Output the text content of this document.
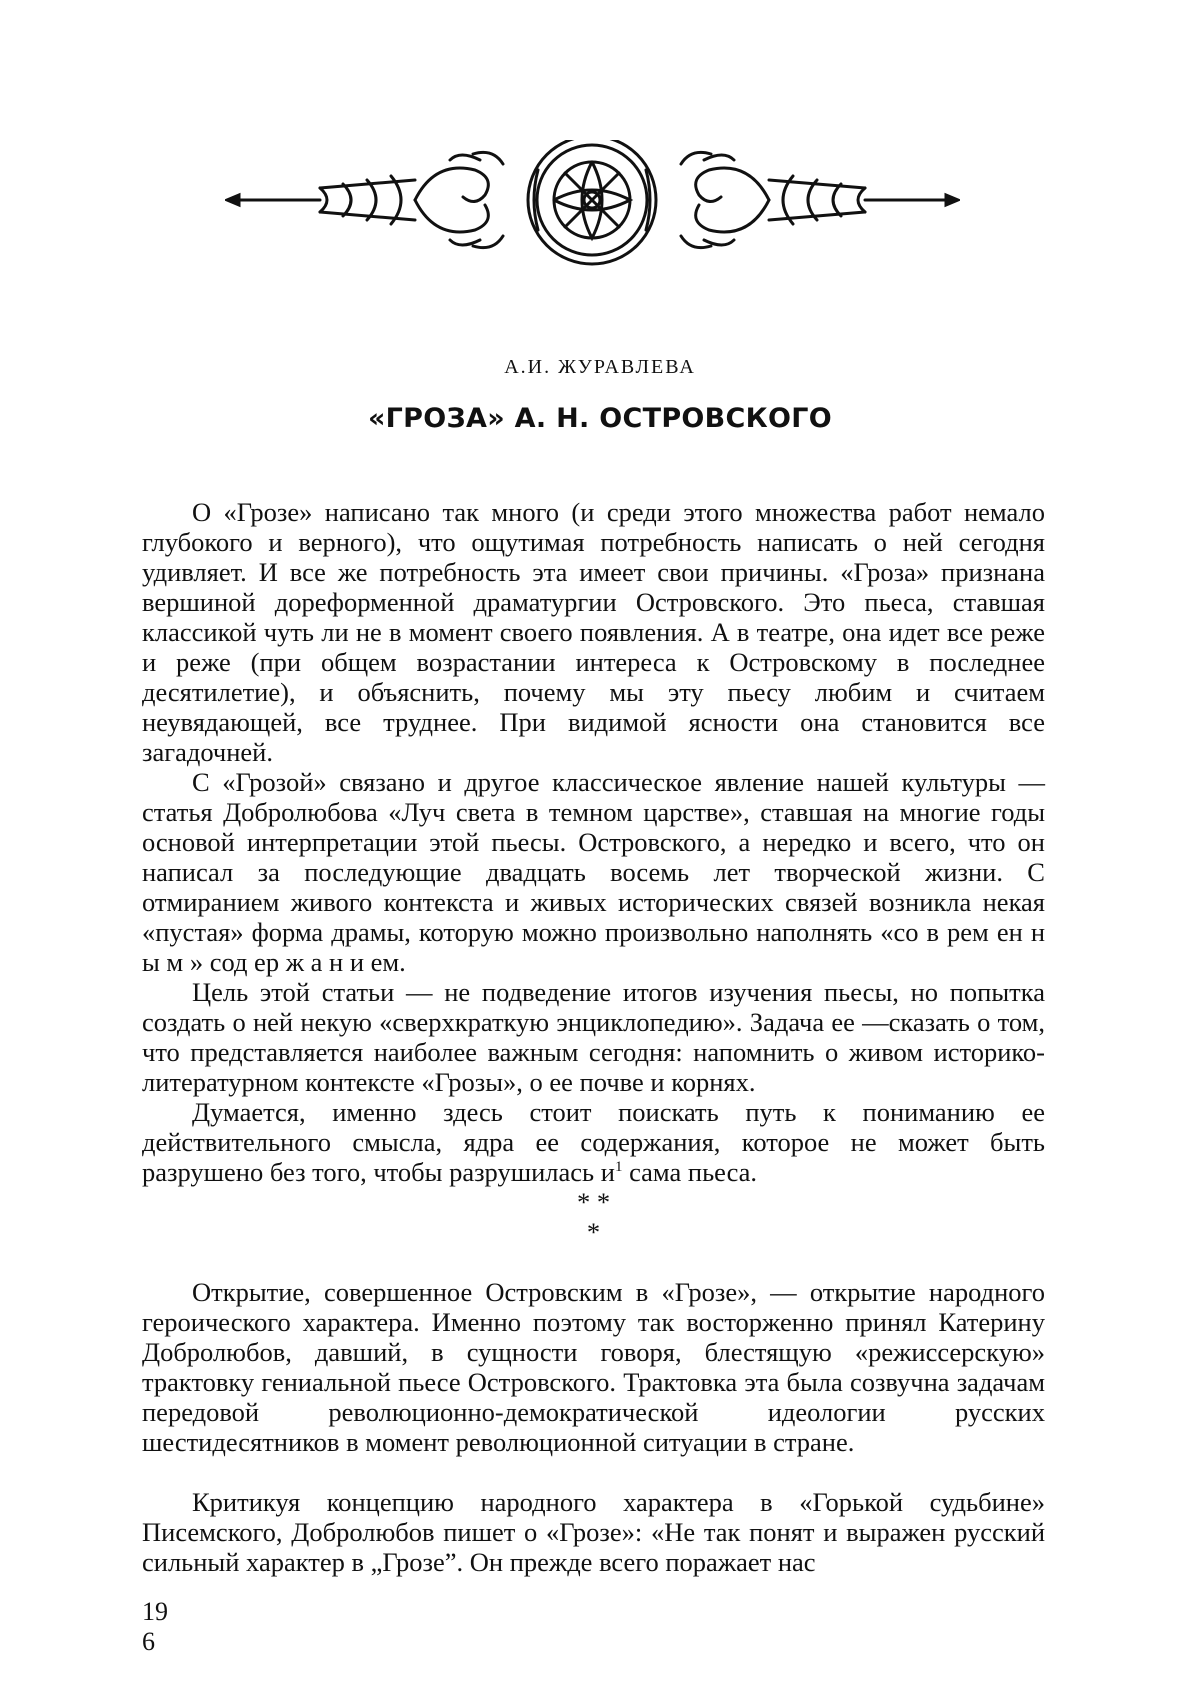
А.И. ЖУРАВЛЕВА
«ГРОЗА» А. Н. ОСТРОВСКОГО

О «Грозе» написано так много (и среди этого множества работ немало глубокого и верного), что ощутимая потребность написать о ней сегодня удивляет. И все же потребность эта имеет свои причины. «Гроза» признана вершиной дореформенной драматургии Островского. Это пьеса, ставшая классикой чуть ли не в момент своего появления. А в театре, она идет все реже и реже (при общем возрастании интереса к Островскому в последнее десятилетие), и объяснить, почему мы эту пьесу любим и считаем неувядающей, все труднее. При видимой ясности она становится все загадочней.

С «Грозой» связано и другое классическое явление нашей культуры — статья Добролюбова «Луч света в темном царстве», ставшая на многие годы основой интерпретации этой пьесы. Островского, а нередко и всего, что он написал за последующие двадцать восемь лет творческой жизни. С отмиранием живого контекста и живых исторических связей возникла некая «пустая» форма драмы, которую можно произвольно наполнять «со в рем ен н ы м » сод ер ж а н и ем.

Цель этой статьи — не подведение итогов изучения пьесы, но попытка создать о ней некую «сверхкраткую энциклопедию». Задача ее —сказать о том, что представляется наиболее важным сегодня: напомнить о живом историко-литературном контексте «Грозы», о ее почве и корнях.

Думается, именно здесь стоит поискать путь к пониманию ее действительного смысла, ядра ее содержания, которое не может быть разрушено без того, чтобы разрушилась и$^1$ сама пьеса.

* *
*

Открытие, совершенное Островским в «Грозе», — открытие народного героического характера. Именно поэтому так восторженно принял Катерину Добролюбов, давший, в сущности говоря, блестящую «режиссерскую» трактовку гениальной пьесе Островского. Трактовка эта была созвучна задачам передовой революционно-демократической идеологии русских шестидесятников в момент революционной ситуации в стране.

Критикуя концепцию народного характера в «Горькой судьбине» Писемского, Добролюбов пишет о «Грозе»: «Не так понят и выражен русский сильный характер в „Грозе”. Он прежде всего поражает нас

19
6
